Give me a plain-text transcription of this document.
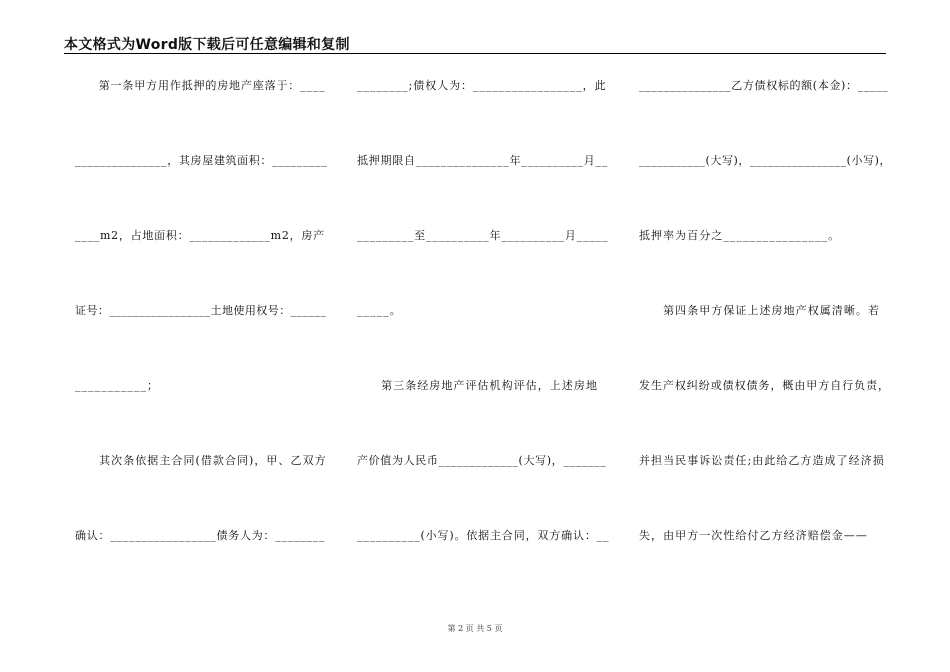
本文格式为Word版下载后可任意编辑和复制
　　第一条甲方用作抵押的房地产座落于：____
_______________，其房屋建筑面积：_________
____m2，占地面积：_____________m2，房产
证号：_________________土地使用权号：______
___________；
　　其次条依据主合同(借款合同)，甲、乙双方
确认：_________________债务人为：________
________;债权人为：_________________，此
抵押期限自_______________年__________月__
_________至__________年__________月_____
_____。
　　第三条经房地产评估机构评估，上述房地
产价值为人民币_____________(大写)，_______
__________(小写)。依据主合同，双方确认：__
_______________乙方债权标的额(本金)：_____
___________(大写)，________________(小写)，
抵押率为百分之________________。
　　第四条甲方保证上述房地产权属清晰。若
发生产权纠纷或债权债务，概由甲方自行负责，
并担当民事诉讼责任;由此给乙方造成了经济损
失，由甲方一次性给付乙方经济赔偿金——
第 2 页 共 5 页
